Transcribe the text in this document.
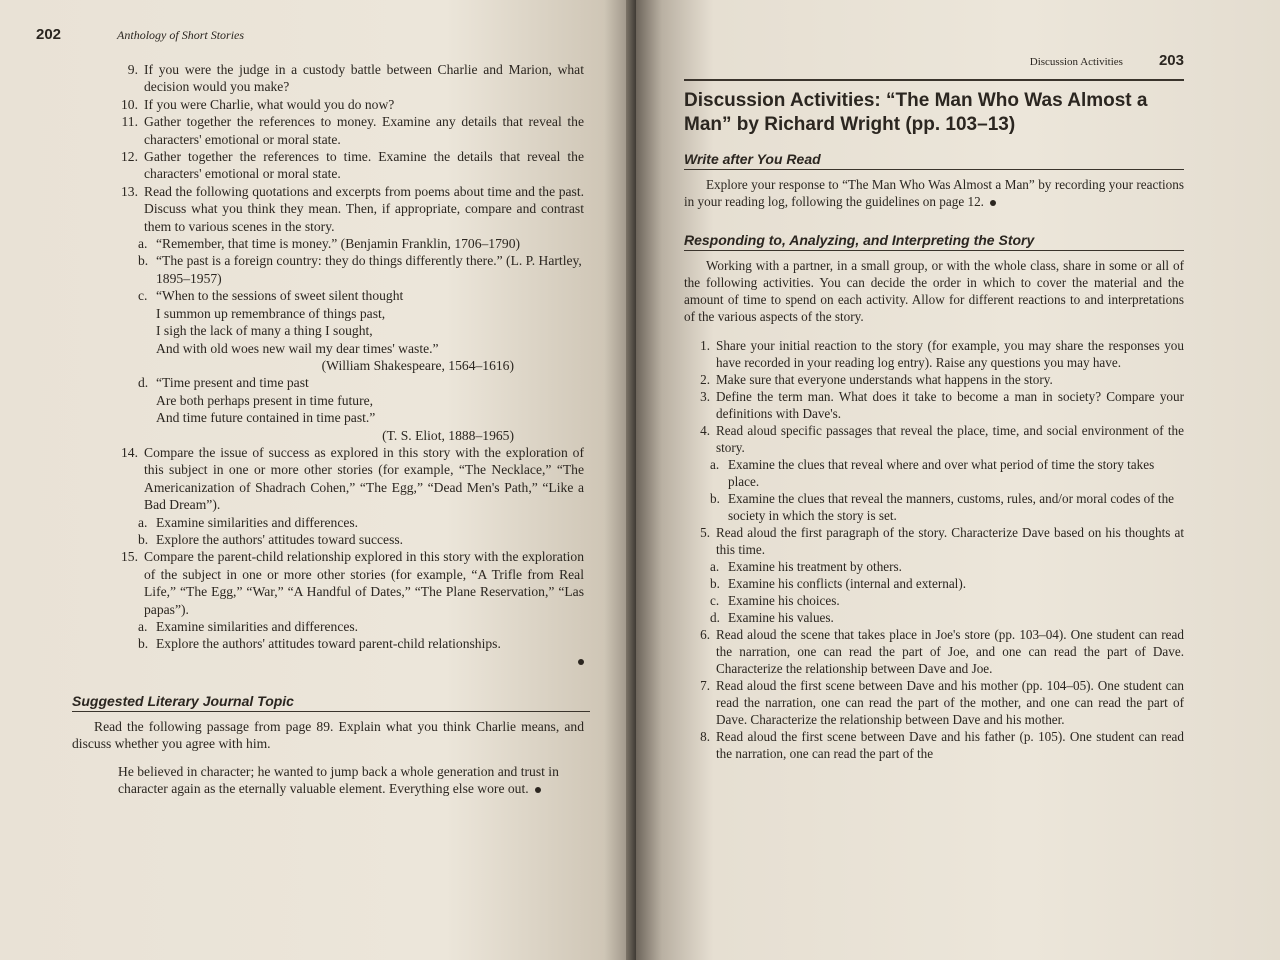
202	Anthology of Short Stories
9. If you were the judge in a custody battle between Charlie and Marion, what decision would you make?
10. If you were Charlie, what would you do now?
11. Gather together the references to money. Examine any details that reveal the characters' emotional or moral state.
12. Gather together the references to time. Examine the details that reveal the characters' emotional or moral state.
13. Read the following quotations and excerpts from poems about time and the past. Discuss what you think they mean. Then, if appropriate, compare and contrast them to various scenes in the story.
a. “Remember, that time is money.” (Benjamin Franklin, 1706–1790)
b. “The past is a foreign country: they do things differently there.” (L. P. Hartley, 1895–1957)
c. “When to the sessions of sweet silent thought
I summon up remembrance of things past,
I sigh the lack of many a thing I sought,
And with old woes new wail my dear times' waste.”
(William Shakespeare, 1564–1616)
d. “Time present and time past
Are both perhaps present in time future,
And time future contained in time past.”
(T. S. Eliot, 1888–1965)
14. Compare the issue of success as explored in this story with the exploration of this subject in one or more other stories (for example, “The Necklace,” “The Americanization of Shadrach Cohen,” “The Egg,” “Dead Men's Path,” “Like a Bad Dream”).
a. Examine similarities and differences.
b. Explore the authors' attitudes toward success.
15. Compare the parent-child relationship explored in this story with the exploration of the subject in one or more other stories (for example, “A Trifle from Real Life,” “The Egg,” “War,” “A Handful of Dates,” “The Plane Reservation,” “Las papas”).
a. Examine similarities and differences.
b. Explore the authors' attitudes toward parent-child relationships.
Suggested Literary Journal Topic

Read the following passage from page 89. Explain what you think Charlie means, and discuss whether you agree with him.

He believed in character; he wanted to jump back a whole generation and trust in character again as the eternally valuable element. Everything else wore out.
Discussion Activities 203
Discussion Activities: “The Man Who Was Almost a Man” by Richard Wright (pp. 103–13)
Write after You Read

Explore your response to “The Man Who Was Almost a Man” by recording your reactions in your reading log, following the guidelines on page 12.

Responding to, Analyzing, and Interpreting the Story

Working with a partner, in a small group, or with the whole class, share in some or all of the following activities. You can decide the order in which to cover the material and the amount of time to spend on each activity. Allow for different reactions to and interpretations of the various aspects of the story.

1. Share your initial reaction to the story (for example, you may share the responses you have recorded in your reading log entry). Raise any questions you may have.
2. Make sure that everyone understands what happens in the story.
3. Define the term man. What does it take to become a man in society? Compare your definitions with Dave's.
4. Read aloud specific passages that reveal the place, time, and social environment of the story.
a. Examine the clues that reveal where and over what period of time the story takes place.
b. Examine the clues that reveal the manners, customs, rules, and/or moral codes of the society in which the story is set.
5. Read aloud the first paragraph of the story. Characterize Dave based on his thoughts at this time.
a. Examine his treatment by others.
b. Examine his conflicts (internal and external).
c. Examine his choices.
d. Examine his values.
6. Read aloud the scene that takes place in Joe's store (pp. 103–04). One student can read the narration, one can read the part of Joe, and one can read the part of Dave. Characterize the relationship between Dave and Joe.
7. Read aloud the first scene between Dave and his mother (pp. 104–05). One student can read the narration, one can read the part of the mother, and one can read the part of Dave. Characterize the relationship between Dave and his mother.
8. Read aloud the first scene between Dave and his father (p. 105). One student can read the narration, one can read the part of the
